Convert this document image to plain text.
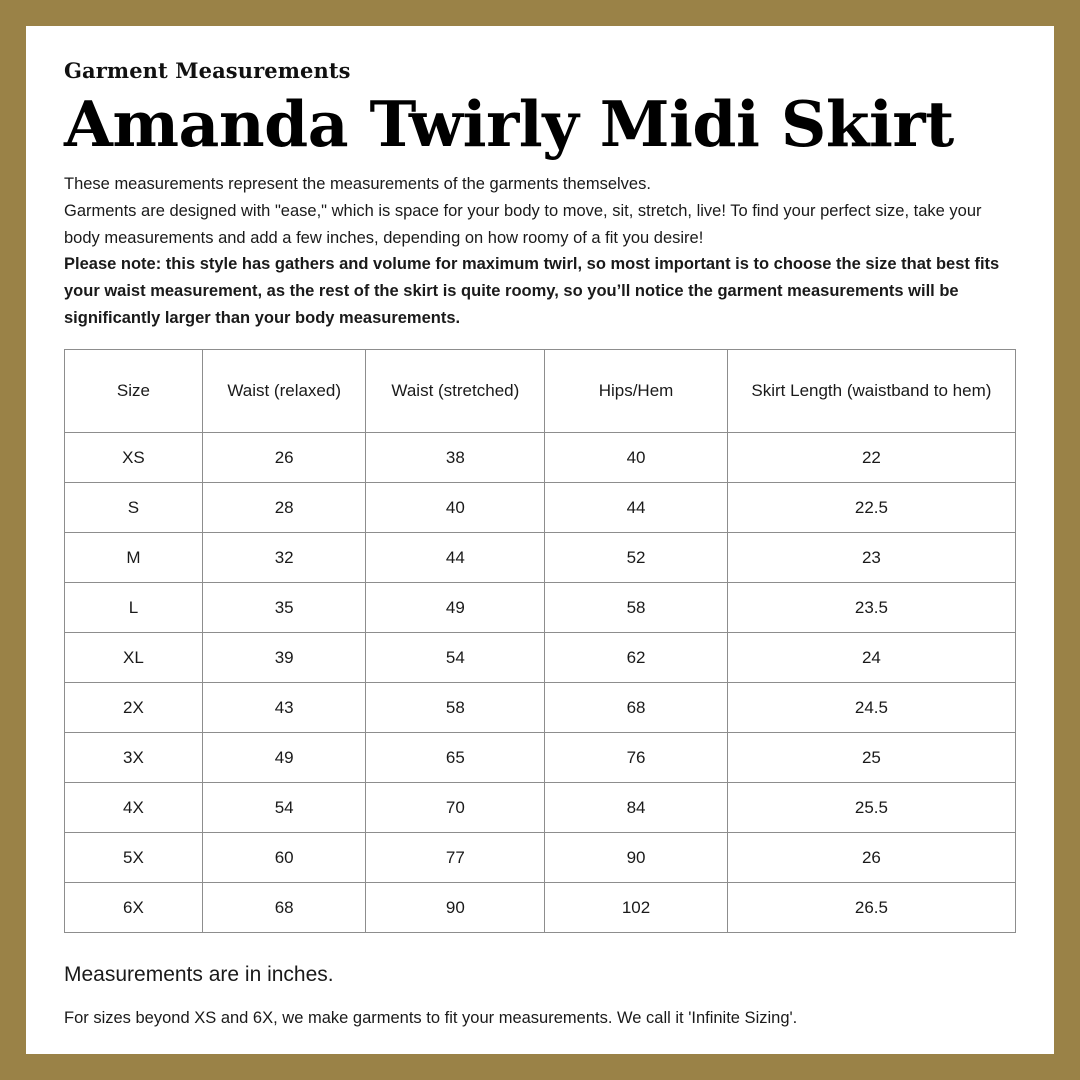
Garment Measurements
Amanda Twirly Midi Skirt

These measurements represent the measurements of the garments themselves.

Garments are designed with "ease," which is space for your body to move, sit, stretch, live! To find your perfect size, take your body measurements and add a few inches, depending on how roomy of a fit you desire!

Please note: this style has gathers and volume for maximum twirl, so most important is to choose the size that best fits your waist measurement, as the rest of the skirt is quite roomy, so you’ll notice the garment measurements will be significantly larger than your body measurements.

Size	Waist (relaxed)	Waist (stretched)	Hips/Hem	Skirt Length (waistband to hem)
XS	26	38	40	22
S	28	40	44	22.5
M	32	44	52	23
L	35	49	58	23.5
XL	39	54	62	24
2X	43	58	68	24.5
3X	49	65	76	25
4X	54	70	84	25.5
5X	60	77	90	26
6X	68	90	102	26.5

Measurements are in inches.

For sizes beyond XS and 6X, we make garments to fit your measurements. We call it 'Infinite Sizing'.
